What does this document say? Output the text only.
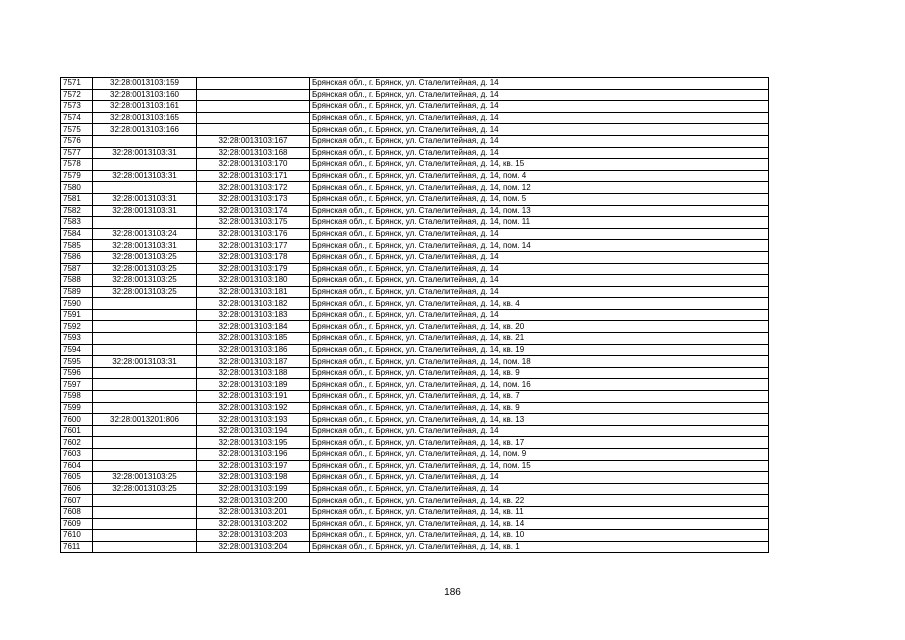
7571	32:28:0013103:159		Брянская обл., г. Брянск, ул. Сталелитейная, д. 14
7572	32:28:0013103:160		Брянская обл., г. Брянск, ул. Сталелитейная, д. 14
7573	32:28:0013103:161		Брянская обл., г. Брянск, ул. Сталелитейная, д. 14
7574	32:28:0013103:165		Брянская обл., г. Брянск, ул. Сталелитейная, д. 14
7575	32:28:0013103:166		Брянская обл., г. Брянск, ул. Сталелитейная, д. 14
7576		32:28:0013103:167	Брянская обл., г. Брянск, ул. Сталелитейная, д. 14
7577	32:28:0013103:31	32:28:0013103:168	Брянская обл., г. Брянск, ул. Сталелитейная, д. 14
7578		32:28:0013103:170	Брянская обл., г. Брянск, ул. Сталелитейная, д. 14, кв. 15
7579	32:28:0013103:31	32:28:0013103:171	Брянская обл., г. Брянск, ул. Сталелитейная, д. 14, пом. 4
7580		32:28:0013103:172	Брянская обл., г. Брянск, ул. Сталелитейная, д. 14, пом. 12
7581	32:28:0013103:31	32:28:0013103:173	Брянская обл., г. Брянск, ул. Сталелитейная, д. 14, пом. 5
7582	32:28:0013103:31	32:28:0013103:174	Брянская обл., г. Брянск, ул. Сталелитейная, д. 14, пом. 13
7583		32:28:0013103:175	Брянская обл., г. Брянск, ул. Сталелитейная, д. 14, пом. 11
7584	32:28:0013103:24	32:28:0013103:176	Брянская обл., г. Брянск, ул. Сталелитейная, д. 14
7585	32:28:0013103:31	32:28:0013103:177	Брянская обл., г. Брянск, ул. Сталелитейная, д. 14, пом. 14
7586	32:28:0013103:25	32:28:0013103:178	Брянская обл., г. Брянск, ул. Сталелитейная, д. 14
7587	32:28:0013103:25	32:28:0013103:179	Брянская обл., г. Брянск, ул. Сталелитейная, д. 14
7588	32:28:0013103:25	32:28:0013103:180	Брянская обл., г. Брянск, ул. Сталелитейная, д. 14
7589	32:28:0013103:25	32:28:0013103:181	Брянская обл., г. Брянск, ул. Сталелитейная, д. 14
7590		32:28:0013103:182	Брянская обл., г. Брянск, ул. Сталелитейная, д. 14, кв. 4
7591		32:28:0013103:183	Брянская обл., г. Брянск, ул. Сталелитейная, д. 14
7592		32:28:0013103:184	Брянская обл., г. Брянск, ул. Сталелитейная, д. 14, кв. 20
7593		32:28:0013103:185	Брянская обл., г. Брянск, ул. Сталелитейная, д. 14, кв. 21
7594		32:28:0013103:186	Брянская обл., г. Брянск, ул. Сталелитейная, д. 14, кв. 19
7595	32:28:0013103:31	32:28:0013103:187	Брянская обл., г. Брянск, ул. Сталелитейная, д. 14, пом. 18
7596		32:28:0013103:188	Брянская обл., г. Брянск, ул. Сталелитейная, д. 14, кв. 9
7597		32:28:0013103:189	Брянская обл., г. Брянск, ул. Сталелитейная, д. 14, пом. 16
7598		32:28:0013103:191	Брянская обл., г. Брянск, ул. Сталелитейная, д. 14, кв. 7
7599		32:28:0013103:192	Брянская обл., г. Брянск, ул. Сталелитейная, д. 14, кв. 9
7600	32:28:0013201:806	32:28:0013103:193	Брянская обл., г. Брянск, ул. Сталелитейная, д. 14, кв. 13
7601		32:28:0013103:194	Брянская обл., г. Брянск, ул. Сталелитейная, д. 14
7602		32:28:0013103:195	Брянская обл., г. Брянск, ул. Сталелитейная, д. 14, кв. 17
7603		32:28:0013103:196	Брянская обл., г. Брянск, ул. Сталелитейная, д. 14, пом. 9
7604		32:28:0013103:197	Брянская обл., г. Брянск, ул. Сталелитейная, д. 14, пом. 15
7605	32:28:0013103:25	32:28:0013103:198	Брянская обл., г. Брянск, ул. Сталелитейная, д. 14
7606	32:28:0013103:25	32:28:0013103:199	Брянская обл., г. Брянск, ул. Сталелитейная, д. 14
7607		32:28:0013103:200	Брянская обл., г. Брянск, ул. Сталелитейная, д. 14, кв. 22
7608		32:28:0013103:201	Брянская обл., г. Брянск, ул. Сталелитейная, д. 14, кв. 11
7609		32:28:0013103:202	Брянская обл., г. Брянск, ул. Сталелитейная, д. 14, кв. 14
7610		32:28:0013103:203	Брянская обл., г. Брянск, ул. Сталелитейная, д. 14, кв. 10
7611		32:28:0013103:204	Брянская обл., г. Брянск, ул. Сталелитейная, д. 14, кв. 1
186
